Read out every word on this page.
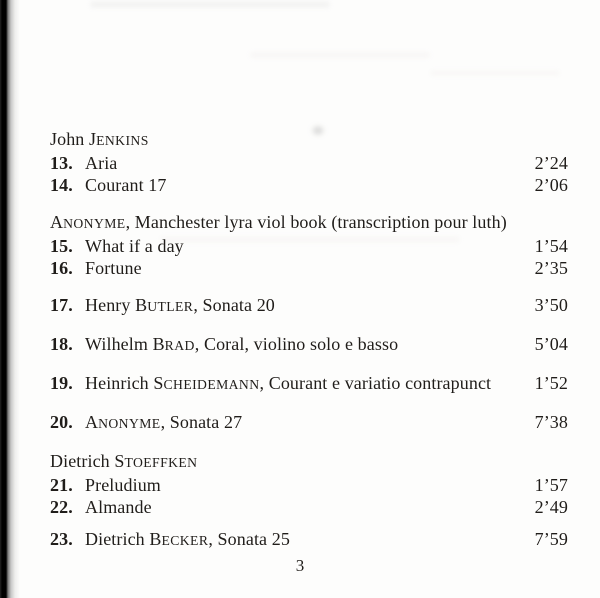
John JENKINS
13. Aria	2’24
14. Courant 17	2’06
ANONYME, Manchester lyra viol book (transcription pour luth)
15. What if a day	1’54
16. Fortune	2’35
17. Henry BUTLER, Sonata 20	3’50
18. Wilhelm BRAD, Coral, violino solo e basso	5’04
19. Heinrich SCHEIDEMANN, Courant e variatio contrapunct	1’52
20. ANONYME, Sonata 27	7’38
Dietrich STOEFFKEN
21. Preludium	1’57
22. Almande	2’49
23. Dietrich BECKER, Sonata 25	7’59
3
